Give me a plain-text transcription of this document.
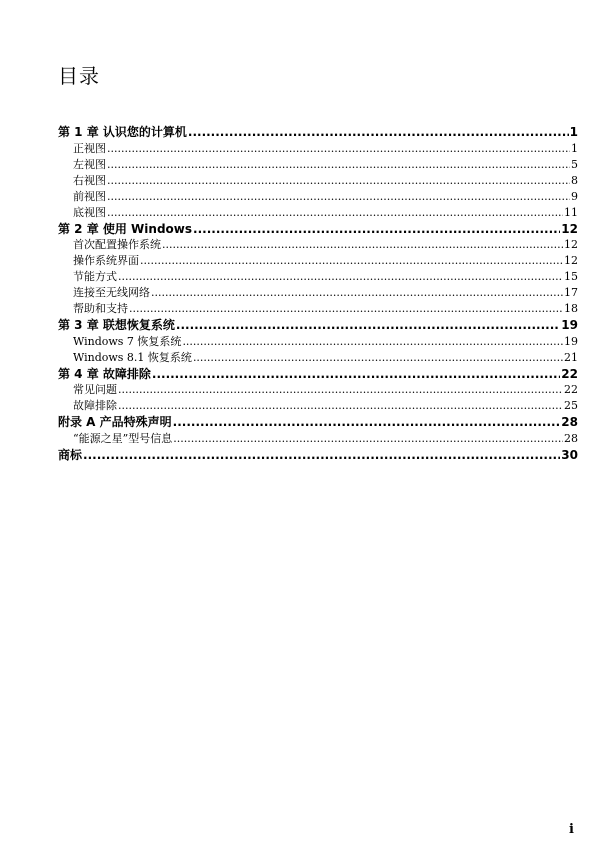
目录
第 1 章 认识您的计算机 .....	1
正视图 .....	1
左视图 .....	5
右视图 .....	8
前视图 .....	9
底视图 .....	11
第 2 章 使用 Windows .....	12
首次配置操作系统 .....	12
操作系统界面 .....	12
节能方式 .....	15
连接至无线网络 .....	17
帮助和支持 .....	18
第 3 章 联想恢复系统 .....	19
Windows 7 恢复系统 .....	19
Windows 8.1 恢复系统 .....	21
第 4 章 故障排除 .....	22
常见问题 .....	22
故障排除 .....	25
附录 A 产品特殊声明 .....	28
“能源之星”型号信息 .....	28
商标 .....	30
i
